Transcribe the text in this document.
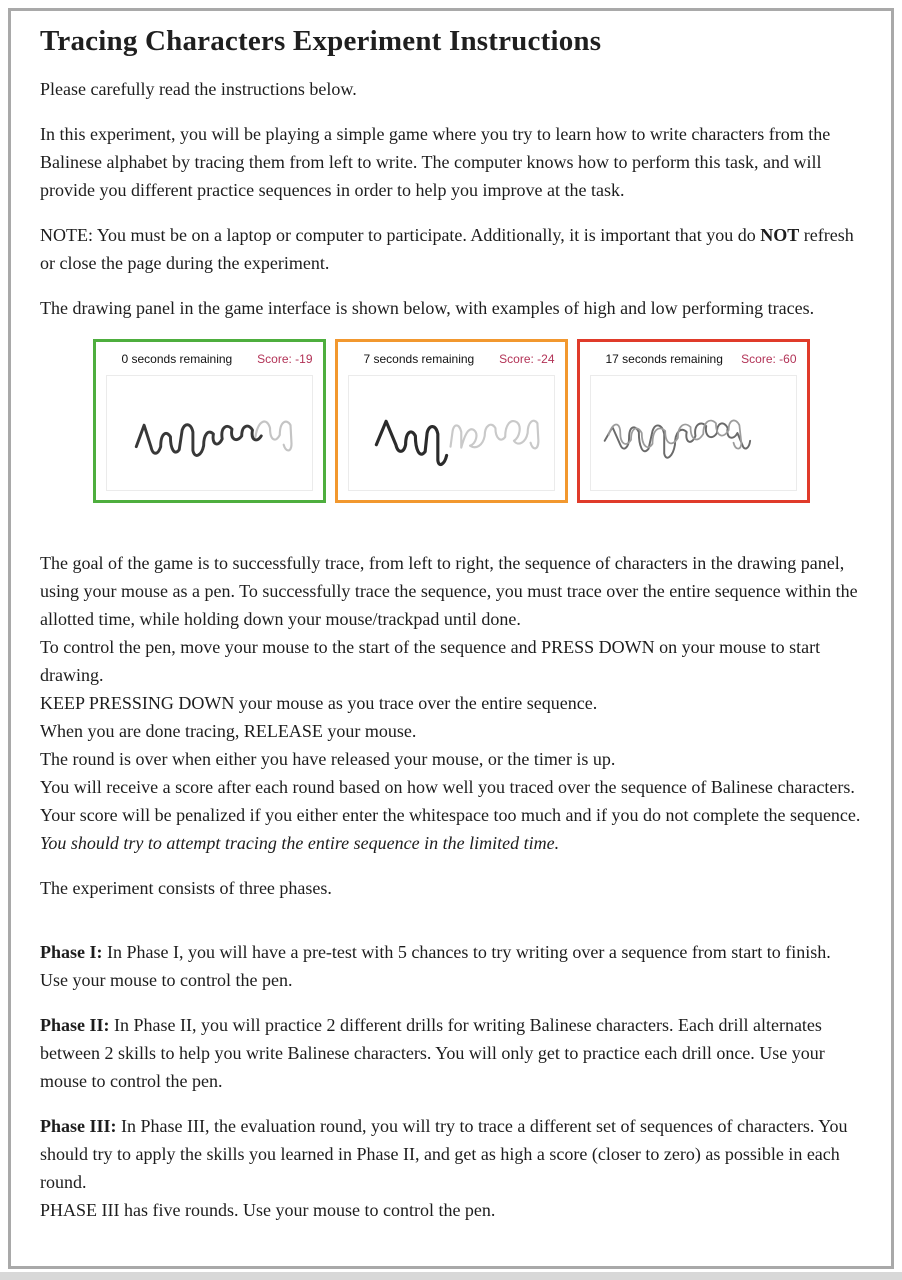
Tracing Characters Experiment Instructions

Please carefully read the instructions below.

In this experiment, you will be playing a simple game where you try to learn how to write characters from the Balinese alphabet by tracing them from left to write. The computer knows how to perform this task, and will provide you different practice sequences in order to help you improve at the task.

NOTE: You must be on a laptop or computer to participate. Additionally, it is important that you do NOT refresh or close the page during the experiment.

The drawing panel in the game interface is shown below, with examples of high and low performing traces.

0 seconds remaining Score: -19	7 seconds remaining Score: -24	17 seconds remaining Score: -60

The goal of the game is to successfully trace, from left to right, the sequence of characters in the drawing panel, using your mouse as a pen. To successfully trace the sequence, you must trace over the entire sequence within the allotted time, while holding down your mouse/trackpad until done.
To control the pen, move your mouse to the start of the sequence and PRESS DOWN on your mouse to start drawing.
KEEP PRESSING DOWN your mouse as you trace over the entire sequence.
When you are done tracing, RELEASE your mouse.
The round is over when either you have released your mouse, or the timer is up.
You will receive a score after each round based on how well you traced over the sequence of Balinese characters.
Your score will be penalized if you either enter the whitespace too much and if you do not complete the sequence. You should try to attempt tracing the entire sequence in the limited time.

The experiment consists of three phases.

Phase I: In Phase I, you will have a pre-test with 5 chances to try writing over a sequence from start to finish. Use your mouse to control the pen.

Phase II: In Phase II, you will practice 2 different drills for writing Balinese characters. Each drill alternates between 2 skills to help you write Balinese characters. You will only get to practice each drill once. Use your mouse to control the pen.

Phase III: In Phase III, the evaluation round, you will try to trace a different set of sequences of characters. You should try to apply the skills you learned in Phase II, and get as high a score (closer to zero) as possible in each round.
PHASE III has five rounds. Use your mouse to control the pen.
